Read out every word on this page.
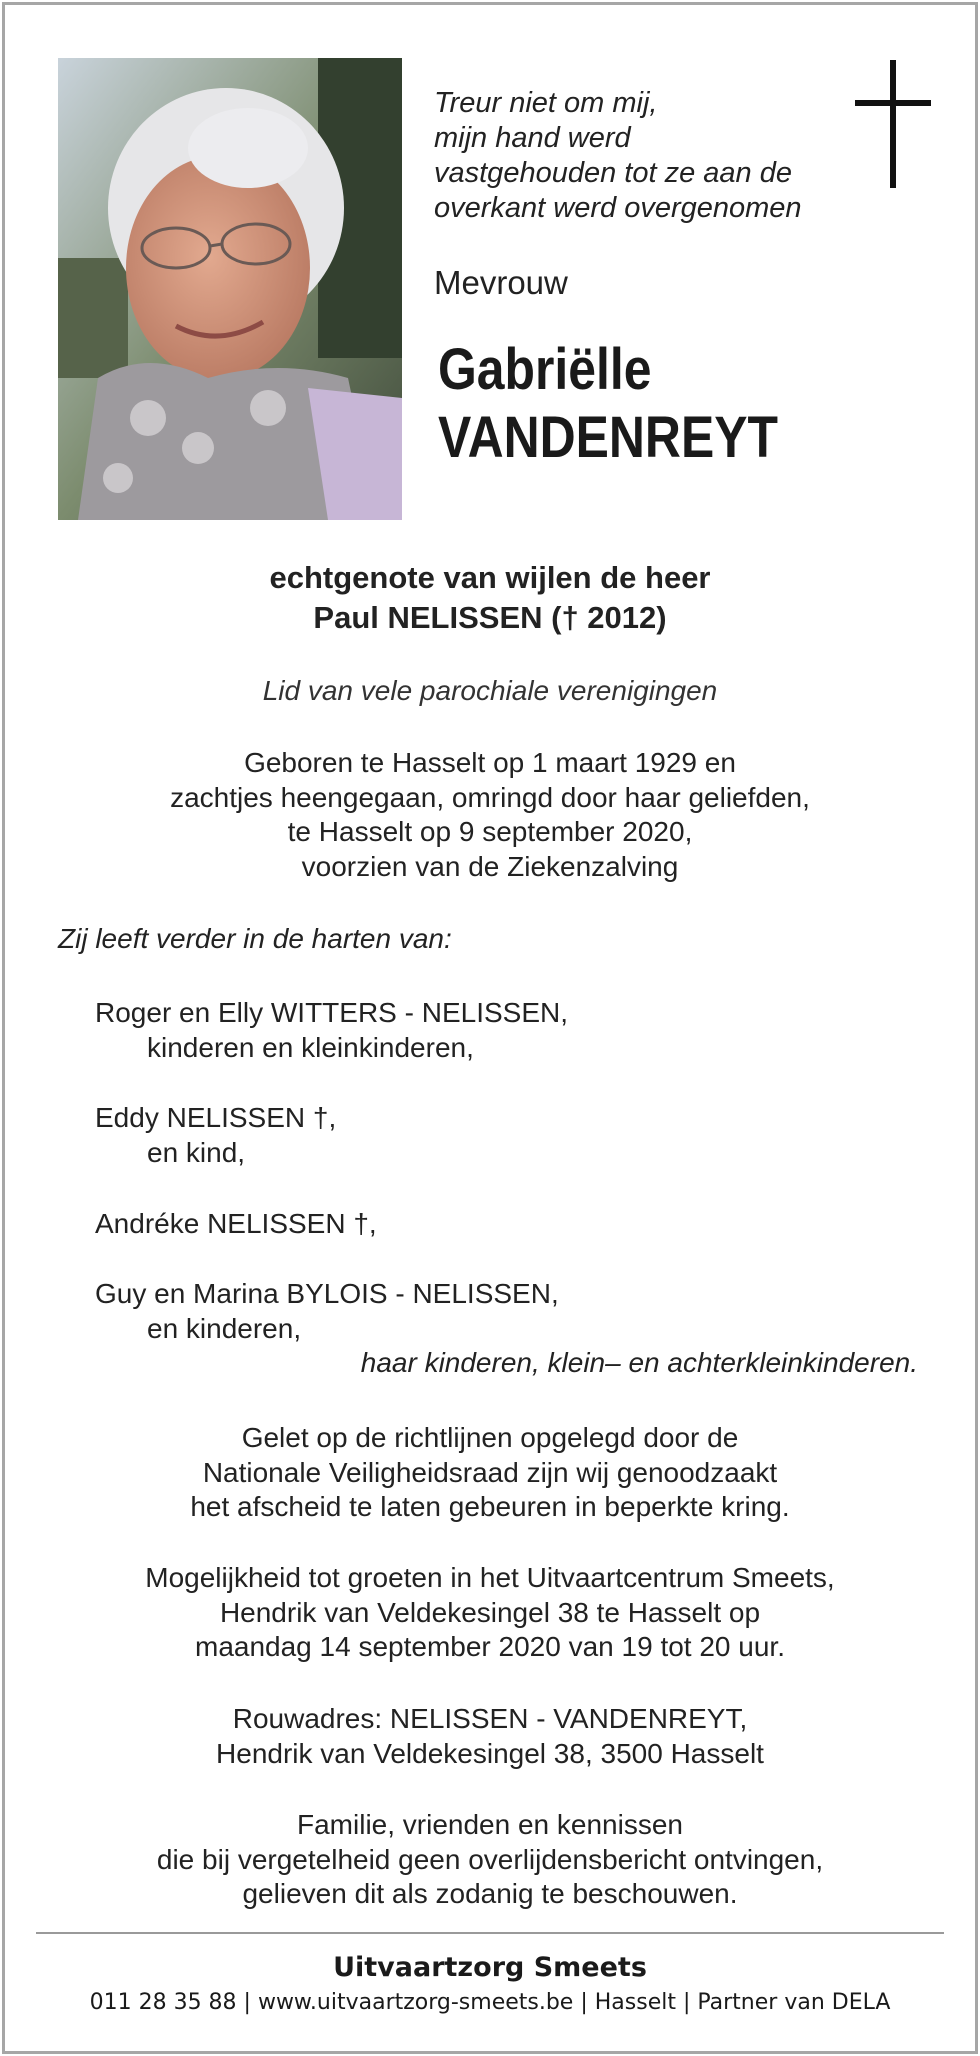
Treur niet om mij,
mijn hand werd
vastgehouden tot ze aan de
overkant werd overgenomen
Mevrouw
Gabriëlle
VANDENREYT
echtgenote van wijlen de heer
Paul NELISSEN († 2012)
Lid van vele parochiale verenigingen
Geboren te Hasselt op 1 maart 1929 en
zachtjes heengegaan, omringd door haar geliefden,
te Hasselt op 9 september 2020,
voorzien van de Ziekenzalving
Zij leeft verder in de harten van:
Roger en Elly WITTERS - NELISSEN,
kinderen en kleinkinderen,
Eddy NELISSEN †,
en kind,
Andréke NELISSEN †,
Guy en Marina BYLOIS - NELISSEN,
en kinderen,
haar kinderen, klein– en achterkleinkinderen.
Gelet op de richtlijnen opgelegd door de
Nationale Veiligheidsraad zijn wij genoodzaakt
het afscheid te laten gebeuren in beperkte kring.
Mogelijkheid tot groeten in het Uitvaartcentrum Smeets,
Hendrik van Veldekesingel 38 te Hasselt op
maandag 14 september 2020 van 19 tot 20 uur.
Rouwadres: NELISSEN - VANDENREYT,
Hendrik van Veldekesingel 38, 3500 Hasselt
Familie, vrienden en kennissen
die bij vergetelheid geen overlijdensbericht ontvingen,
gelieven dit als zodanig te beschouwen.
Uitvaartzorg Smeets
011 28 35 88 | www.uitvaartzorg-smeets.be | Hasselt | Partner van DELA
